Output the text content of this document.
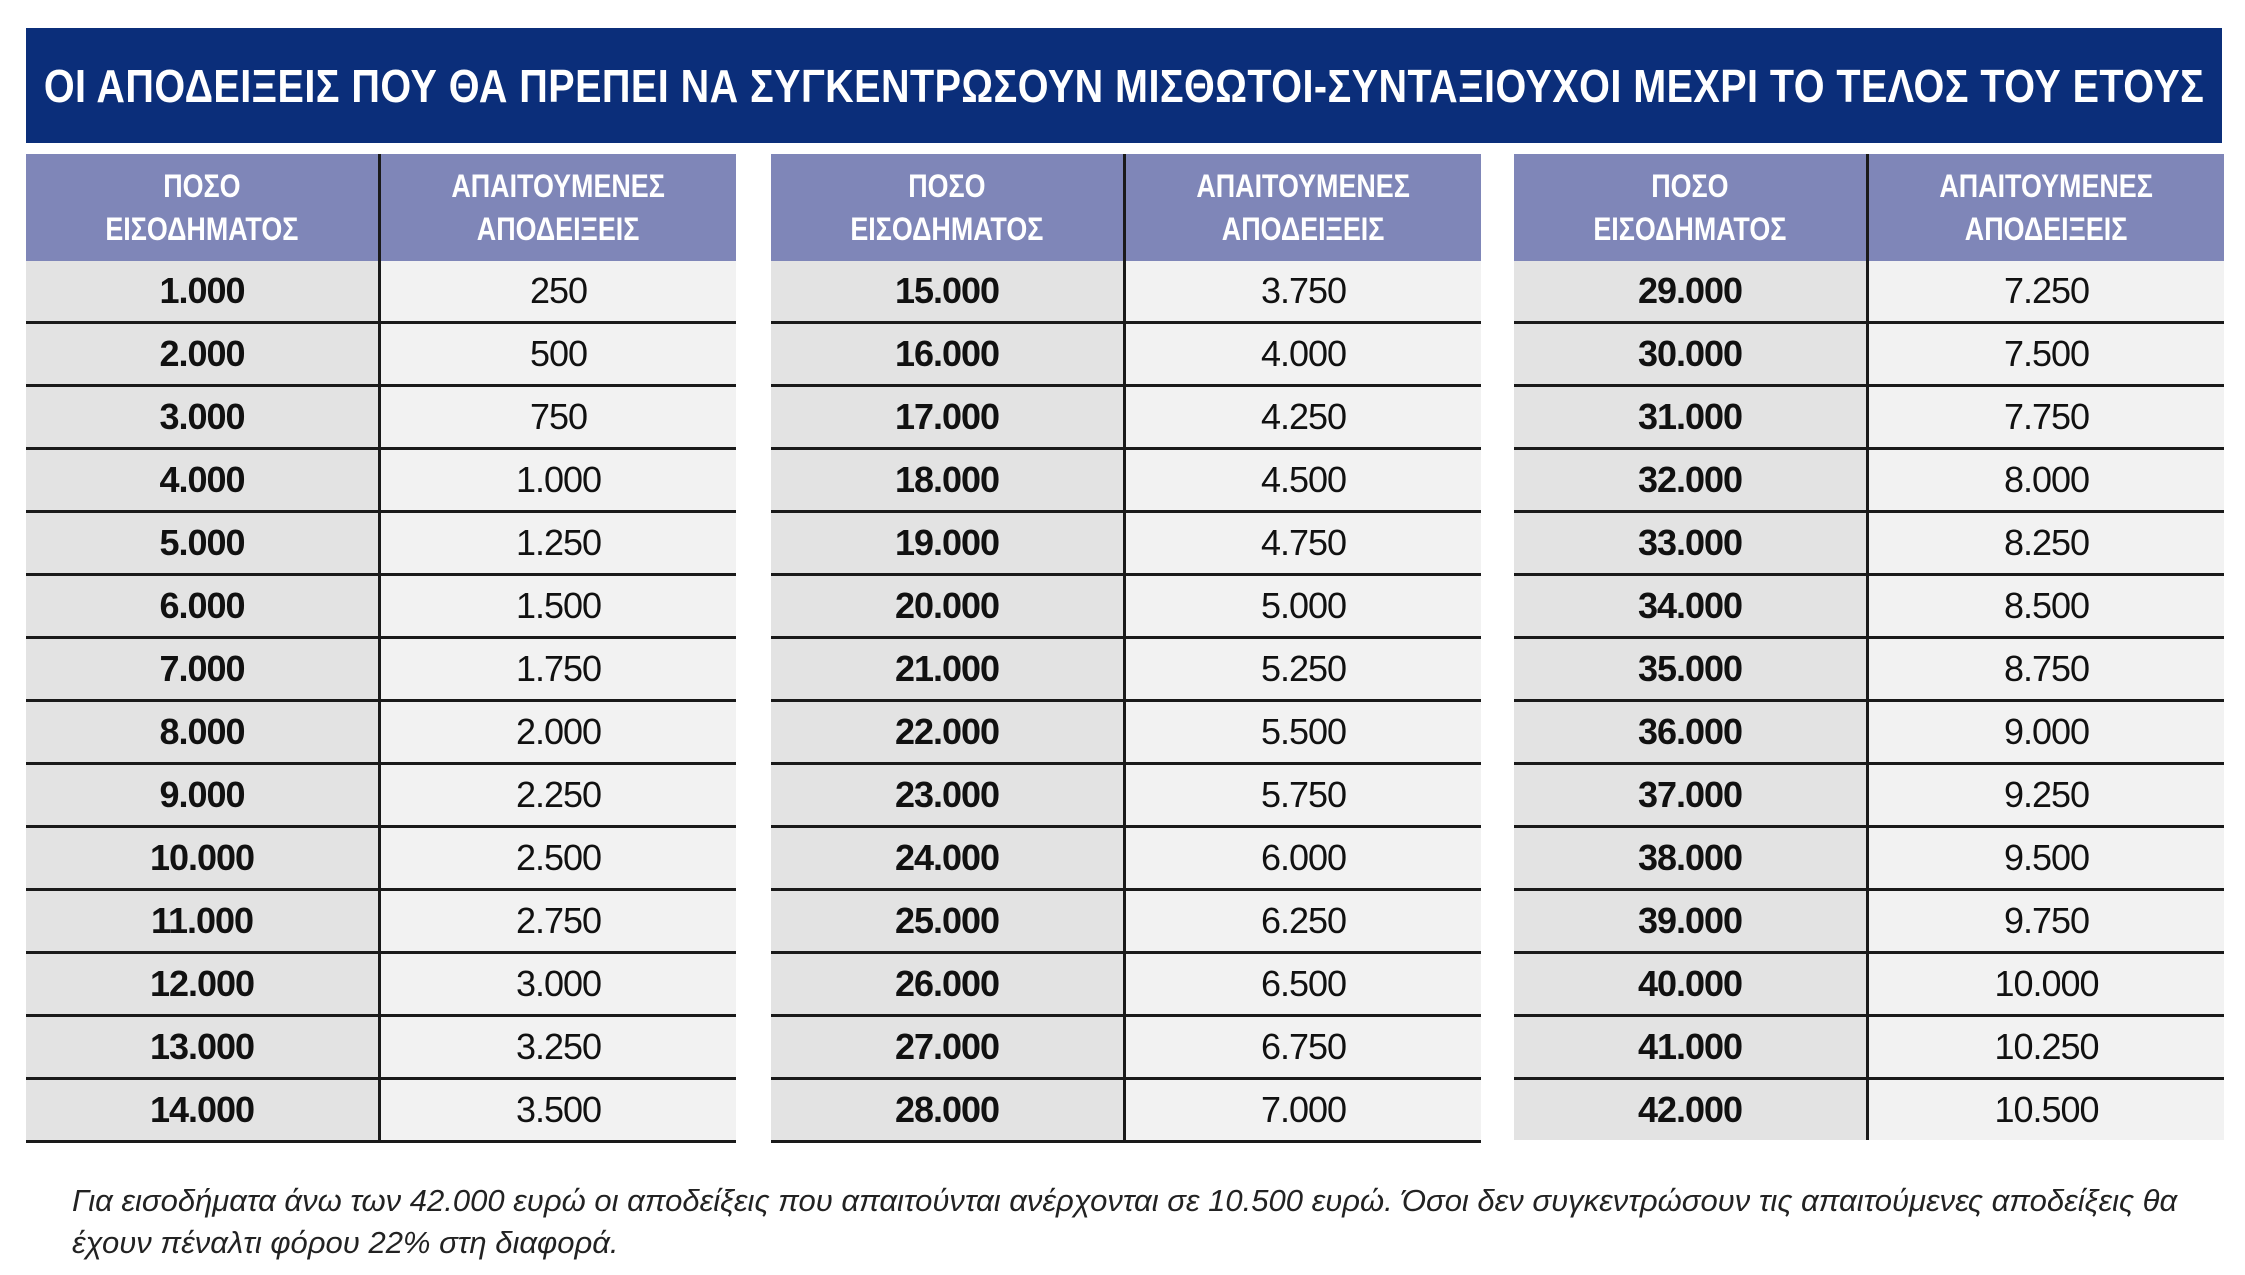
ΟΙ ΑΠΟΔΕΙΞΕΙΣ ΠΟΥ ΘΑ ΠΡΕΠΕΙ ΝΑ ΣΥΓΚΕΝΤΡΩΣΟΥΝ ΜΙΣΘΩΤΟΙ-ΣΥΝΤΑΞΙΟΥΧΟΙ ΜΕΧΡΙ ΤΟ ΤΕΛΟΣ ΤΟΥ ΕΤΟΥΣ
ΠΟΣΟ
ΕΙΣΟΔΗΜΑΤΟΣ
ΑΠΑΙΤΟΥΜΕΝΕΣ
ΑΠΟΔΕΙΞΕΙΣ
1.000	250
2.000	500
3.000	750
4.000	1.000
5.000	1.250
6.000	1.500
7.000	1.750
8.000	2.000
9.000	2.250
10.000	2.500
11.000	2.750
12.000	3.000
13.000	3.250
14.000	3.500
ΠΟΣΟ
ΕΙΣΟΔΗΜΑΤΟΣ
ΑΠΑΙΤΟΥΜΕΝΕΣ
ΑΠΟΔΕΙΞΕΙΣ
15.000	3.750
16.000	4.000
17.000	4.250
18.000	4.500
19.000	4.750
20.000	5.000
21.000	5.250
22.000	5.500
23.000	5.750
24.000	6.000
25.000	6.250
26.000	6.500
27.000	6.750
28.000	7.000
ΠΟΣΟ
ΕΙΣΟΔΗΜΑΤΟΣ
ΑΠΑΙΤΟΥΜΕΝΕΣ
ΑΠΟΔΕΙΞΕΙΣ
29.000	7.250
30.000	7.500
31.000	7.750
32.000	8.000
33.000	8.250
34.000	8.500
35.000	8.750
36.000	9.000
37.000	9.250
38.000	9.500
39.000	9.750
40.000	10.000
41.000	10.250
42.000	10.500
Για εισοδήματα άνω των 42.000 ευρώ οι αποδείξεις που απαιτούνται ανέρχονται σε 10.500 ευρώ. Όσοι δεν συγκεντρώσουν τις απαιτούμενες αποδείξεις θα έχουν πέναλτι φόρου 22% στη διαφορά.
